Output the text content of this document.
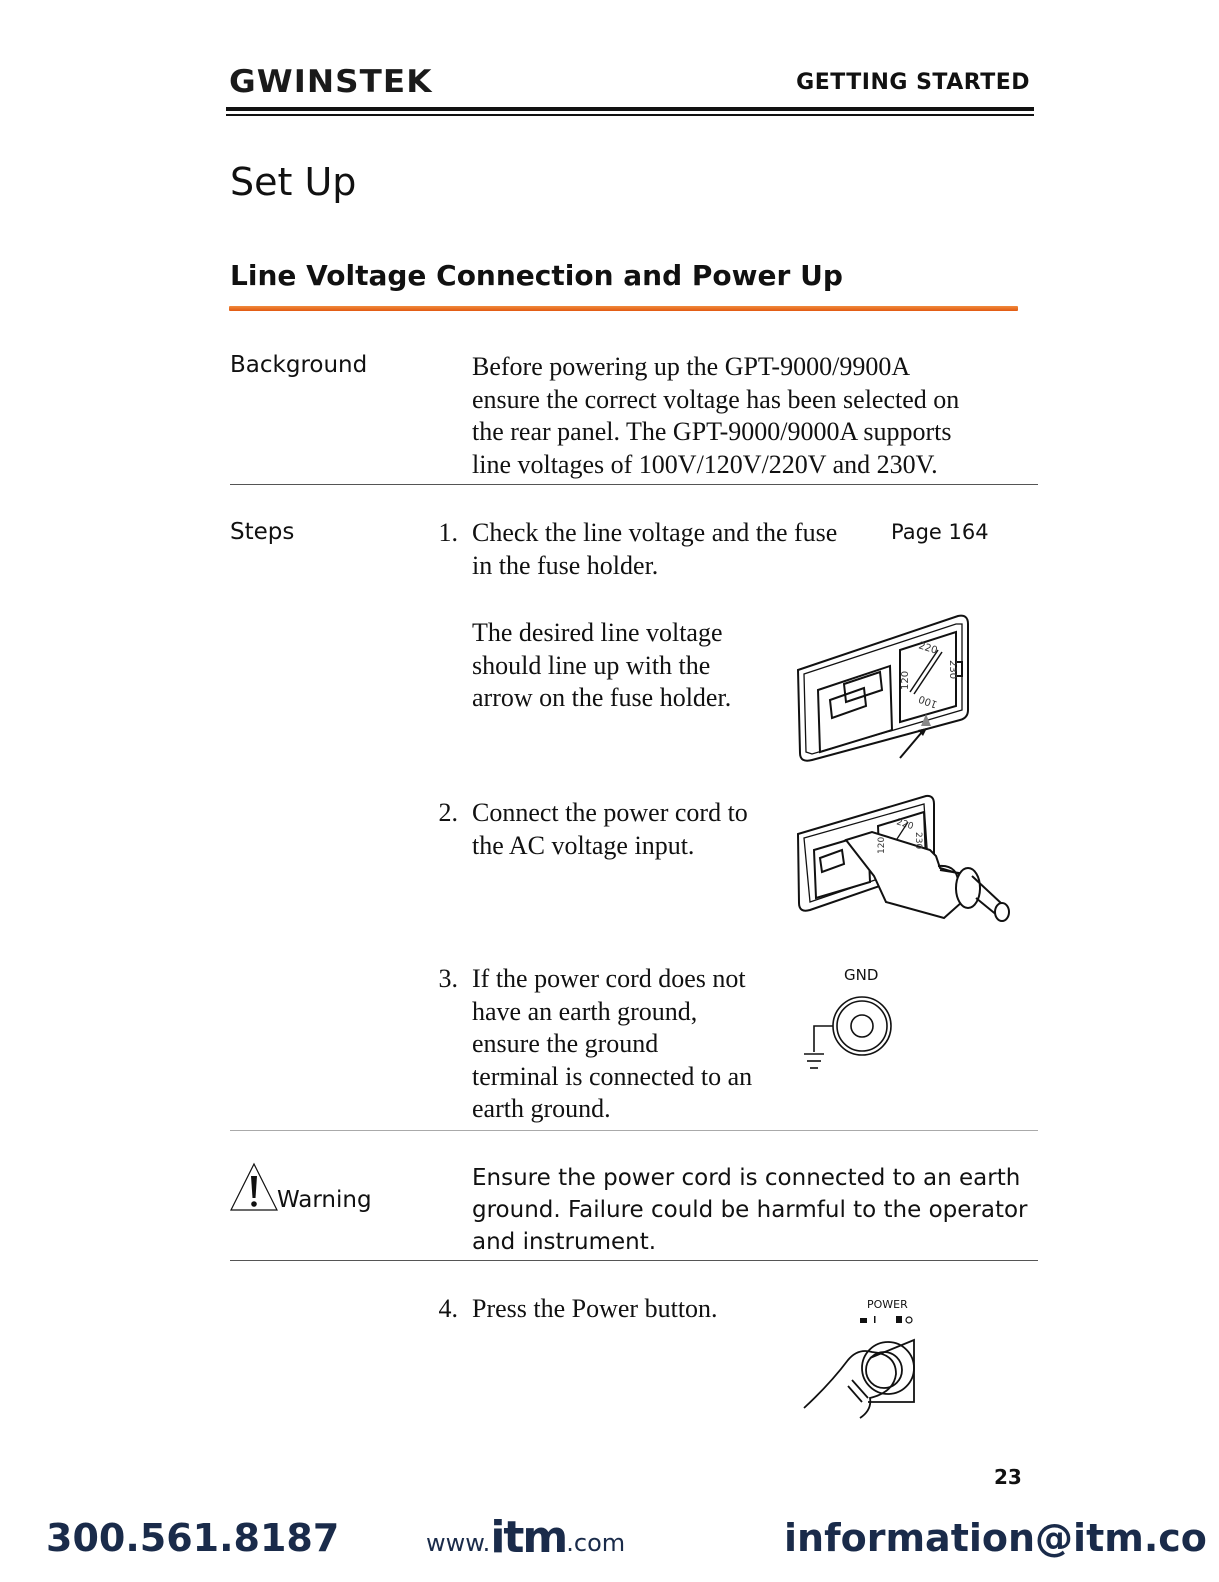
GWINSTEK	GETTING STARTED
Set Up
Line Voltage Connection and Power Up
Background	Before powering up the GPT-9000/9900A
ensure the correct voltage has been selected on
the rear panel. The GPT-9000/9000A supports
line voltages of 100V/120V/220V and 230V.
Steps	1. Check the line voltage and the fuse
in the fuse holder.
Page 164
The desired line voltage
should line up with the
arrow on the fuse holder.
220
120
230
100
2. Connect the power cord to
the AC voltage input.
220
120	230
3. If the power cord does not
have an earth ground,
ensure the ground
terminal is connected to an
earth ground.
GND
Warning
Ensure the power cord is connected to an earth
ground. Failure could be harmful to the operator
and instrument.
4. Press the Power button.	POWER
23
300.561.8187	www. itm .com	information@itm.co
